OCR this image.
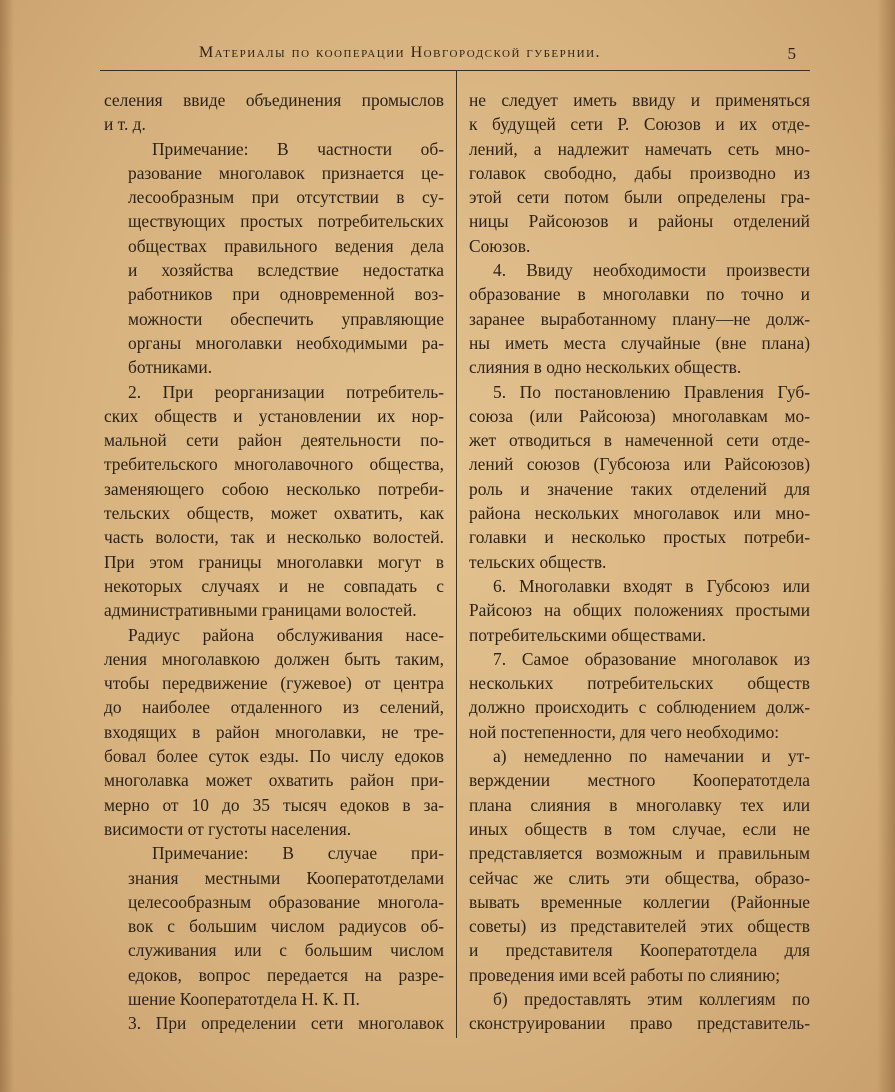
Материалы по кооперации Новгородской губернии.	5
селения ввиде объединения промыслов
и т. д.
Примечание: В частности об-
разование многолавок признается це-
лесообразным при отсутствии в су-
ществующих простых потребительских
обществах правильного ведения дела
и хозяйства вследствие недостатка
работников при одновременной воз-
можности обеспечить управляющие
органы многолавки необходимыми ра-
ботниками.
2. При реорганизации потребитель-
ских обществ и установлении их нор-
мальной сети район деятельности по-
требительского многолавочного общества,
заменяющего собою несколько потреби-
тельских обществ, может охватить, как
часть волости, так и несколько волостей.
При этом границы многолавки могут в
некоторых случаях и не совпадать с
административными границами волостей.
Радиус района обслуживания насе-
ления многолавкою должен быть таким,
чтобы передвижение (гужевое) от центра
до наиболее отдаленного из селений,
входящих в район многолавки, не тре-
бовал более суток езды. По числу едоков
многолавка может охватить район при-
мерно от 10 до 35 тысяч едоков в за-
висимости от густоты населения.
Примечание: В случае при-
знания местными Кооператотделами
целесообразным образование многола-
вок с большим числом радиусов об-
служивания или с большим числом
едоков, вопрос передается на разре-
шение Кооператотдела Н. К. П.
3. При определении сети многолавок
не следует иметь ввиду и применяться
к будущей сети Р. Союзов и их отде-
лений, а надлежит намечать сеть мно-
голавок свободно, дабы производно из
этой сети потом были определены гра-
ницы Райсоюзов и районы отделений
Союзов.
4. Ввиду необходимости произвести
образование в многолавки по точно и
заранее выработанному плану—не долж-
ны иметь места случайные (вне плана)
слияния в одно нескольких обществ.
5. По постановлению Правления Губ-
союза (или Райсоюза) многолавкам мо-
жет отводиться в намеченной сети отде-
лений союзов (Губсоюза или Райсоюзов)
роль и значение таких отделений для
района нескольких многолавок или мно-
голавки и несколько простых потреби-
тельских обществ.
6. Многолавки входят в Губсоюз или
Райсоюз на общих положениях простыми
потребительскими обществами.
7. Самое образование многолавок из
нескольких потребительских обществ
должно происходить с соблюдением долж-
ной постепенности, для чего необходимо:
а) немедленно по намечании и ут-
верждении местного Кооператотдела
плана слияния в многолавку тех или
иных обществ в том случае, если не
представляется возможным и правильным
сейчас же слить эти общества, образо-
вывать временные коллегии (Районные
советы) из представителей этих обществ
и представителя Кооператотдела для
проведения ими всей работы по слиянию;
б) предоставлять этим коллегиям по
сконструировании право представитель-
